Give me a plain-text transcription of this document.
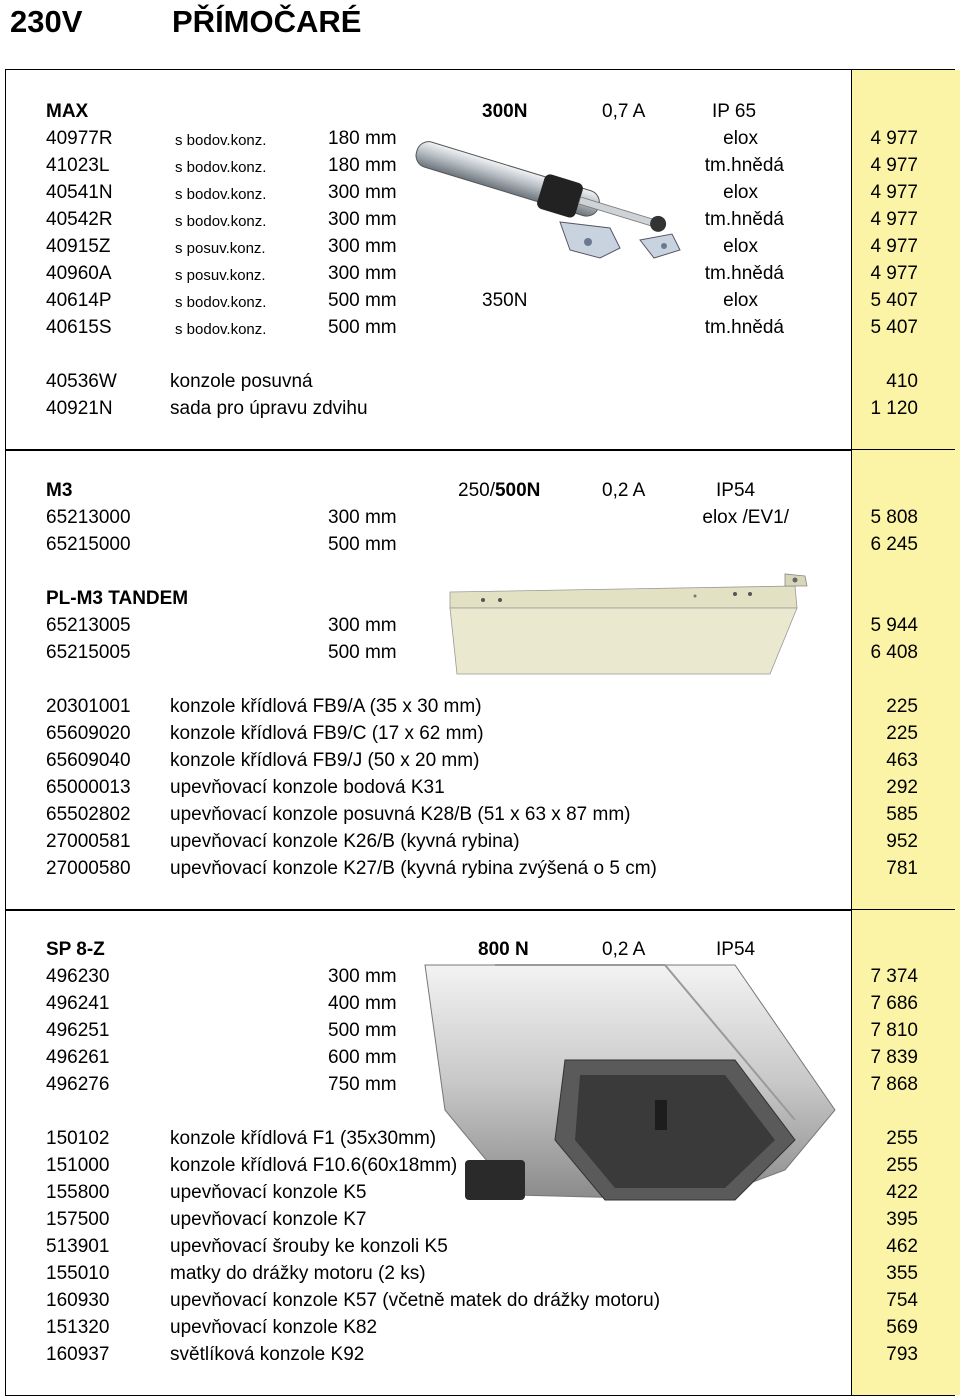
230V	PŘÍMOČARÉ
MAX	300N	0,7 A	IP 65
40977R	s bodov.konz.	180 mm	elox	4 977
41023L	s bodov.konz.	180 mm	tm.hnědá	4 977
40541N	s bodov.konz.	300 mm	elox	4 977
40542R	s bodov.konz.	300 mm	tm.hnědá	4 977
40915Z	s posuv.konz.	300 mm	elox	4 977
40960A	s posuv.konz.	300 mm	tm.hnědá	4 977
40614P	s bodov.konz.	500 mm	350N	elox	5 407
40615S	s bodov.konz.	500 mm	tm.hnědá	5 407
40536W	konzole posuvná	410
40921N	sada pro úpravu zdvihu	1 120
M3	250/500N	0,2 A	IP54
65213000	300 mm	elox /EV1/	5 808
65215000	500 mm	6 245
PL-M3 TANDEM
65213005	300 mm	5 944
65215005	500 mm	6 408
20301001 konzole křídlová FB9/A (35 x 30 mm)	225
65609020 konzole křídlová FB9/C (17 x 62 mm)	225
65609040 konzole křídlová FB9/J (50 x 20 mm)	463
65000013 upevňovací konzole bodová K31	292
65502802 upevňovací konzole posuvná K28/B (51 x 63 x 87 mm)	585
27000581 upevňovací konzole K26/B (kyvná rybina)	952
27000580 upevňovací konzole K27/B (kyvná rybina zvýšená o 5 cm)	781
SP 8-Z	800 N	0,2 A	IP54
496230	300 mm	7 374
496241	400 mm	7 686
496251	500 mm	7 810
496261	600 mm	7 839
496276	750 mm	7 868
150102	konzole křídlová F1 (35x30mm)	255
151000	konzole křídlová F10.6(60x18mm)	255
155800	upevňovací konzole K5	422
157500	upevňovací konzole K7	395
513901	upevňovací šrouby ke konzoli K5	462
155010	matky do drážky motoru (2 ks)	355
160930	upevňovací konzole K57 (včetně matek do drážky motoru)	754
151320	upevňovací konzole K82	569
160937	světlíková konzole K92	793
